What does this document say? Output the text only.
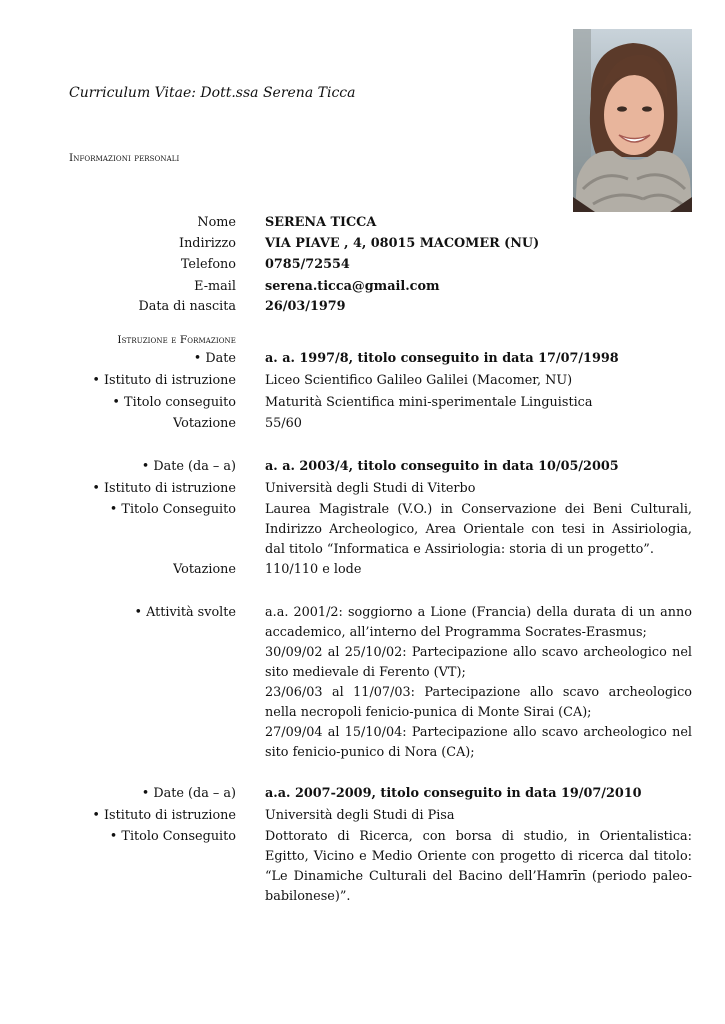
Curriculum Vitae: Dott.ssa Serena Ticca
Informazioni personali
Nome SERENA TICCA
Indirizzo VIA PIAVE , 4, 08015 MACOMER (NU)
Telefono 0785/72554
E-mail serena.ticca@gmail.com
Data di nascita 26/03/1979
Istruzione e Formazione
• Date a. a. 1997/8, titolo conseguito in data 17/07/1998
• Istituto di istruzione Liceo Scientifico Galileo Galilei (Macomer, NU)
• Titolo conseguito Maturità Scientifica mini-sperimentale Linguistica
Votazione 55/60
• Date (da – a) a. a. 2003/4, titolo conseguito in data 10/05/2005
• Istituto di istruzione Università degli Studi di Viterbo
• Titolo Conseguito Laurea Magistrale (V.O.) in Conservazione dei Beni Culturali, Indirizzo Archeologico, Area Orientale con tesi in Assiriologia, dal titolo “Informatica e Assiriologia: storia di un progetto”.
Votazione 110/110 e lode
• Attività svolte a.a. 2001/2: soggiorno a Lione (Francia) della durata di un anno accademico, all’interno del Programma Socrates-Erasmus;

30/09/02 al 25/10/02: Partecipazione allo scavo archeologico nel sito medievale di Ferento (VT);

23/06/03 al 11/07/03: Partecipazione allo scavo archeologico nella necropoli fenicio-punica di Monte Sirai (CA);

27/09/04 al 15/10/04: Partecipazione allo scavo archeologico nel sito fenicio-punico di Nora (CA);

• Date (da – a) a.a. 2007-2009, titolo conseguito in data 19/07/2010
• Istituto di istruzione Università degli Studi di Pisa
• Titolo Conseguito Dottorato di Ricerca, con borsa di studio, in Orientalistica: Egitto, Vicino e Medio Oriente con progetto di ricerca dal titolo: “Le Dinamiche Culturali del Bacino dell’Hamrīn (periodo paleo-babilonese)”.
